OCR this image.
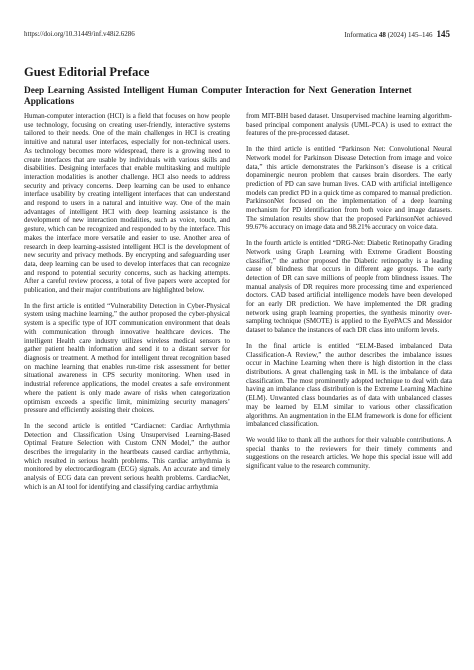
https://doi.org/10.31449/inf.v48i2.6286	Informatica 48 (2024) 145–146 145
Guest Editorial Preface
Deep Learning Assisted Intelligent Human Computer Interaction for Next Generation Internet Applications

Human-computer interaction (HCI) is a field that focuses on how people use technology, focusing on creating user-friendly, interactive systems tailored to their needs. One of the main challenges in HCI is creating intuitive and natural user interfaces, especially for non-technical users. As technology becomes more widespread, there is a growing need to create interfaces that are usable by individuals with various skills and disabilities. Designing interfaces that enable multitasking and multiple interaction modalities is another challenge. HCI also needs to address security and privacy concerns. Deep learning can be used to enhance interface usability by creating intelligent interfaces that can understand and respond to users in a natural and intuitive way. One of the main advantages of intelligent HCI with deep learning assistance is the development of new interaction modalities, such as voice, touch, and gesture, which can be recognized and responded to by the interface. This makes the interface more versatile and easier to use. Another area of research in deep learning-assisted intelligent HCI is the development of new security and privacy methods. By encrypting and safeguarding user data, deep learning can be used to develop interfaces that can recognize and respond to potential security concerns, such as hacking attempts. After a careful review process, a total of five papers were accepted for publication, and their major contributions are highlighted below.

In the first article is entitled “Vulnerability Detection in Cyber-Physical system using machine learning,” the author proposed the cyber-physical system is a specific type of IOT communication environment that deals with communication through innovative healthcare devices. The intelligent Health care industry utilizes wireless medical sensors to gather patient health information and send it to a distant server for diagnosis or treatment. A method for intelligent threat recognition based on machine learning that enables run-time risk assessment for better situational awareness in CPS security monitoring. When used in industrial reference applications, the model creates a safe environment where the patient is only made aware of risks when categorization optimism exceeds a specific limit, minimizing security managers’ pressure and efficiently assisting their choices.

In the second article is entitled “Cardiacnet: Cardiac Arrhythmia Detection and Classification Using Unsupervised Learning-Based Optimal Feature Selection with Custom CNN Model,” the author describes the irregularity in the heartbeats caused cardiac arrhythmia, which resulted in serious health problems. This cardiac arrhythmia is monitored by electrocardiogram (ECG) signals. An accurate and timely analysis of ECG data can prevent serious health problems. CardiacNet, which is an AI tool for identifying and classifying cardiac arrhythmia

from MIT-BIH based dataset. Unsupervised machine learning algorithm-based principal component analysis (UML-PCA) is used to extract the features of the pre-processed dataset.

In the third article is entitled “Parkinson Net: Convolutional Neural Network model for Parkinson Disease Detection from image and voice data,” this article demonstrates the Parkinson’s disease is a critical dopaminergic neuron problem that causes brain disorders. The early prediction of PD can save human lives. CAD with artificial intelligence models can predict PD in a quick time as compared to manual prediction. ParkinsonNet focused on the implementation of a deep learning mechanism for PD identification from both voice and image datasets. The simulation results show that the proposed ParkinsonNet achieved 99.67% accuracy on image data and 98.21% accuracy on voice data.

In the fourth article is entitled “DRG-Net: Diabetic Retinopathy Grading Network using Graph Learning with Extreme Gradient Boosting classifier,” the author proposed the Diabetic retinopathy is a leading cause of blindness that occurs in different age groups. The early detection of DR can save millions of people from blindness issues. The manual analysis of DR requires more processing time and experienced doctors. CAD based artificial intelligence models have been developed for an early DR prediction. We have implemented the DR grading network using graph learning properties, the synthesis minority over-sampling technique (SMOTE) is applied to the EyePACS and Messidor dataset to balance the instances of each DR class into uniform levels.

In the final article is entitled “ELM-Based imbalanced Data Classification-A Review,” the author describes the imbalance issues occur in Machine Learning when there is high distortion in the class distributions. A great challenging task in ML is the imbalance of data classification. The most prominently adopted technique to deal with data having an imbalance class distribution is the Extreme Learning Machine (ELM). Unwanted class boundaries as of data with unbalanced classes may be learned by ELM similar to various other classification algorithms. An augmentation in the ELM framework is done for efficient imbalanced classification.

We would like to thank all the authors for their valuable contributions. A special thanks to the reviewers for their timely comments and suggestions on the research articles. We hope this special issue will add significant value to the research community.
